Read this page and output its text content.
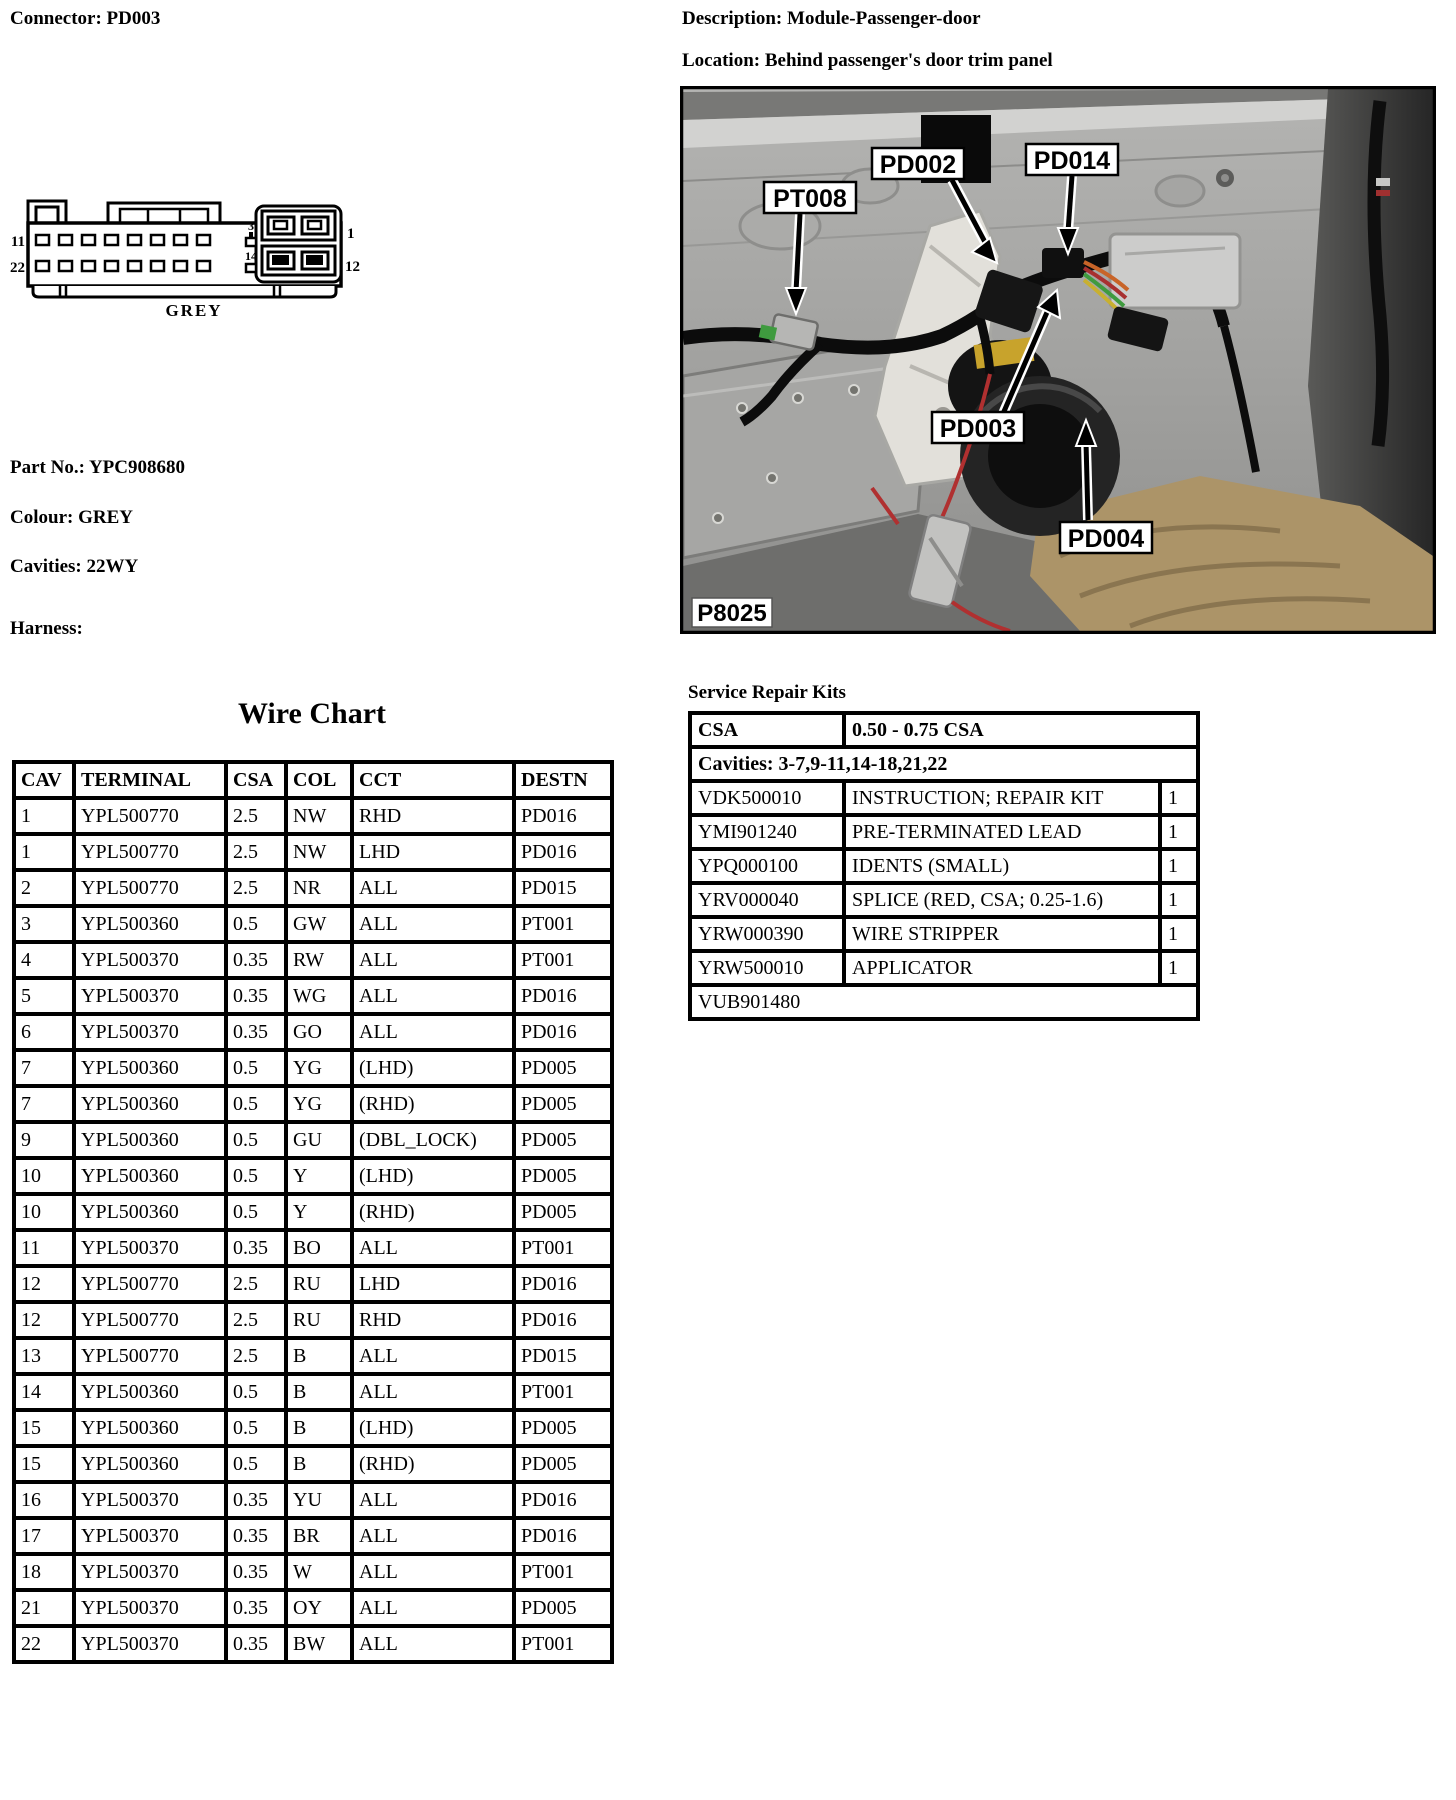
Connector: PD003	Description: Module-Passenger-door
Location: Behind passenger's door trim panel
11
22
3
14
1
12
GREY
Part No.: YPC908680
Colour: GREY
Cavities: 22WY
Harness:
Wire Chart
CAV	TERMINAL	CSA	COL	CCT	DESTN
1	YPL500770	2.5	NW	RHD	PD016
1	YPL500770	2.5	NW	LHD	PD016
2	YPL500770	2.5	NR	ALL	PD015
3	YPL500360	0.5	GW	ALL	PT001
4	YPL500370	0.35	RW	ALL	PT001
5	YPL500370	0.35	WG	ALL	PD016
6	YPL500370	0.35	GO	ALL	PD016
7	YPL500360	0.5	YG	(LHD)	PD005
7	YPL500360	0.5	YG	(RHD)	PD005
9	YPL500360	0.5	GU	(DBL_LOCK)	PD005
10	YPL500360	0.5	Y	(LHD)	PD005
10	YPL500360	0.5	Y	(RHD)	PD005
11	YPL500370	0.35	BO	ALL	PT001
12	YPL500770	2.5	RU	LHD	PD016
12	YPL500770	2.5	RU	RHD	PD016
13	YPL500770	2.5	B	ALL	PD015
14	YPL500360	0.5	B	ALL	PT001
15	YPL500360	0.5	B	(LHD)	PD005
15	YPL500360	0.5	B	(RHD)	PD005
16	YPL500370	0.35	YU	ALL	PD016
17	YPL500370	0.35	BR	ALL	PD016
18	YPL500370	0.35	W	ALL	PT001
21	YPL500370	0.35	OY	ALL	PD005
22	YPL500370	0.35	BW	ALL	PT001
PT008
PD002	PD014
PD003
PD004
P8025
Service Repair Kits
CSA	0.50 - 0.75 CSA	
Cavities: 3-7,9-11,14-18,21,22		
VDK500010	INSTRUCTION; REPAIR KIT	1
YMI901240	PRE-TERMINATED LEAD	1
YPQ000100	IDENTS (SMALL)	1
YRV000040	SPLICE (RED, CSA; 0.25-1.6)	1
YRW000390	WIRE STRIPPER	1
YRW500010	APPLICATOR	1
VUB901480		
